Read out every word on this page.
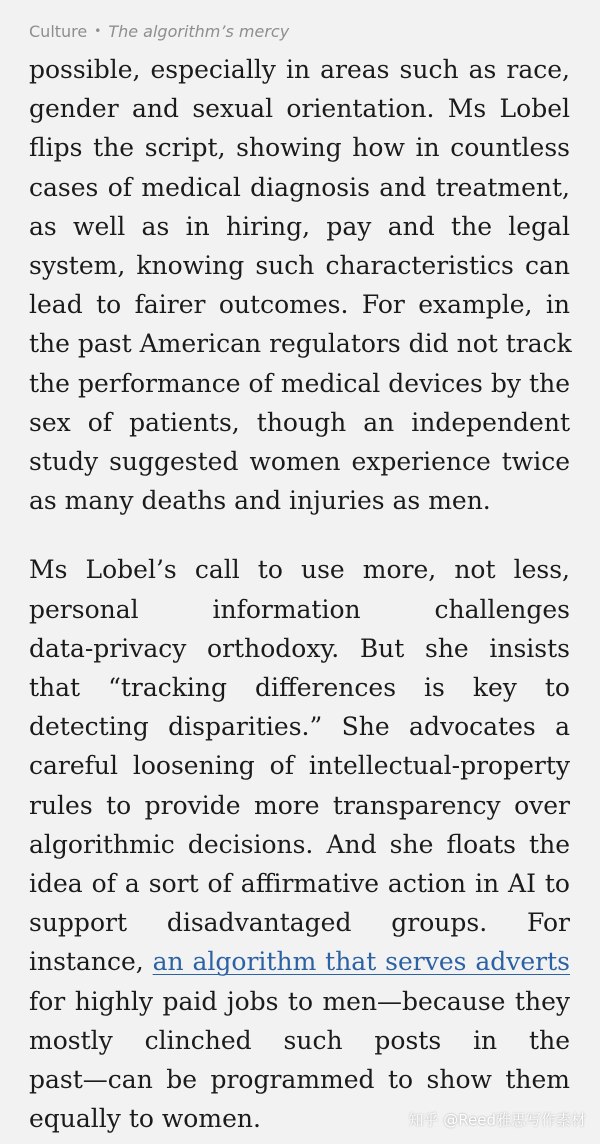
Culture • The algorithm’s mercy

possible, especially in areas such as race,
gender and sexual orientation. Ms Lobel
flips the script, showing how in countless
cases of medical diagnosis and treatment,
as well as in hiring, pay and the legal
system, knowing such characteristics can
lead to fairer outcomes. For example, in
the past American regulators did not track
the performance of medical devices by the
sex of patients, though an independent
study suggested women experience twice
as many deaths and injuries as men.

Ms Lobel’s call to use more, not less,
personal information challenges
data-privacy orthodoxy. But she insists
that “tracking differences is key to
detecting disparities.” She advocates a
careful loosening of intellectual-property
rules to provide more transparency over
algorithmic decisions. And she floats the
idea of a sort of affirmative action in AI to
support disadvantaged groups. For
instance, an algorithm that serves adverts
for highly paid jobs to men—because they
mostly clinched such posts in the
past—can be programmed to show them
equally to women.	知乎 @Reed雅思写作素材
